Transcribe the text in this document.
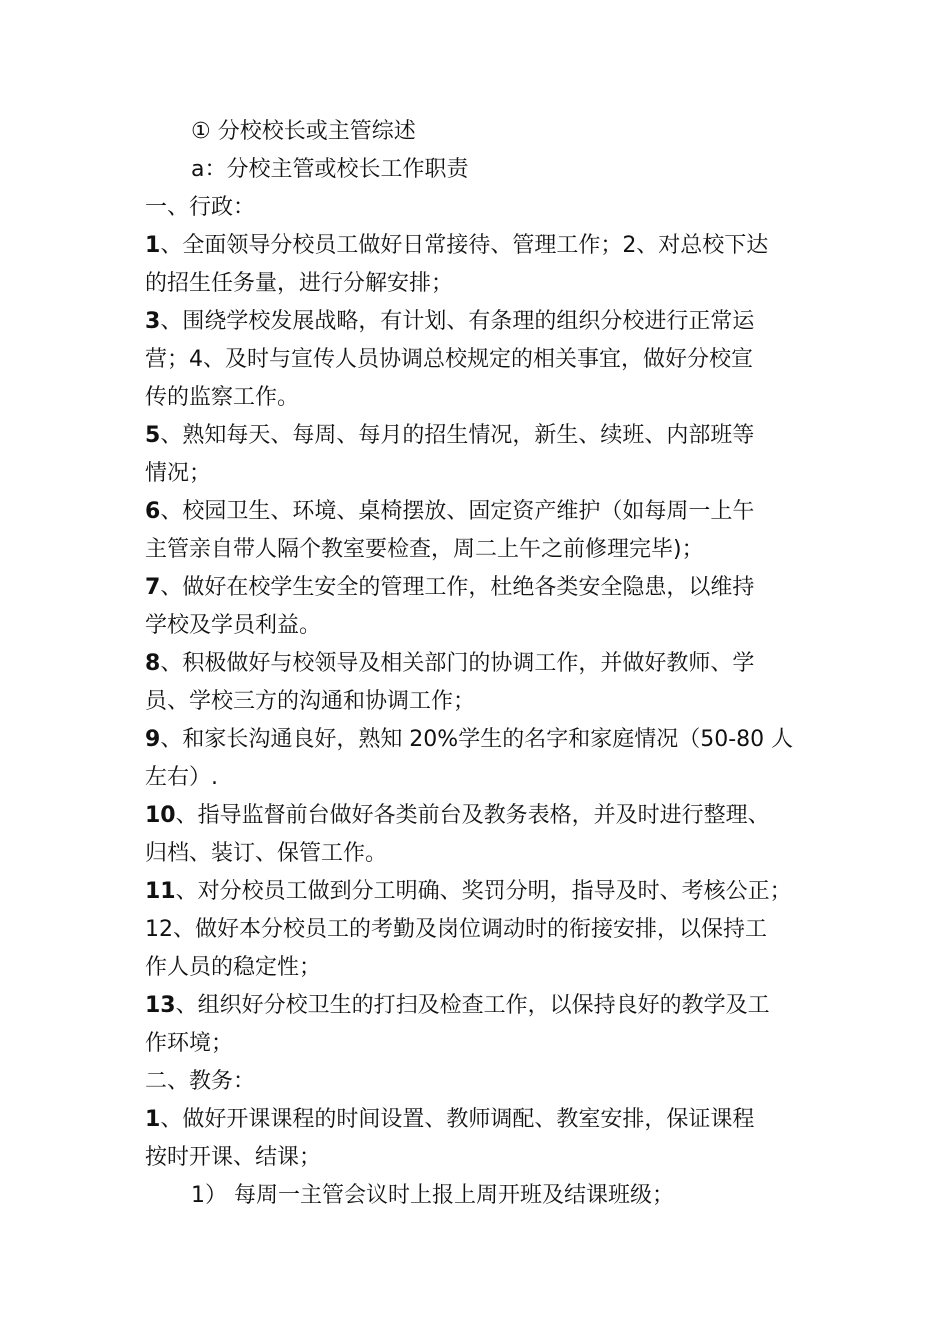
① 分校校长或主管综述
a：分校主管或校长工作职责
一、行政：
1、全面领导分校员工做好日常接待、管理工作；2、对总校下达
的招生任务量，进行分解安排；
3、围绕学校发展战略，有计划、有条理的组织分校进行正常运
营；4、及时与宣传人员协调总校规定的相关事宜，做好分校宣
传的监察工作。
5、熟知每天、每周、每月的招生情况，新生、续班、内部班等
情况；
6、校园卫生、环境、桌椅摆放、固定资产维护（如每周一上午
主管亲自带人隔个教室要检查，周二上午之前修理完毕)；
7、做好在校学生安全的管理工作，杜绝各类安全隐患，以维持
学校及学员利益。
8、积极做好与校领导及相关部门的协调工作，并做好教师、学
员、学校三方的沟通和协调工作；
9、和家长沟通良好，熟知 20%学生的名字和家庭情况（50-80 人
左右）.
10、指导监督前台做好各类前台及教务表格，并及时进行整理、
归档、装订、保管工作。
11、对分校员工做到分工明确、奖罚分明，指导及时、考核公正；
12、做好本分校员工的考勤及岗位调动时的衔接安排，以保持工
作人员的稳定性；
13、组织好分校卫生的打扫及检查工作，以保持良好的教学及工
作环境；
二、教务：
1、做好开课课程的时间设置、教师调配、教室安排，保证课程
按时开课、结课；
1） 每周一主管会议时上报上周开班及结课班级；
